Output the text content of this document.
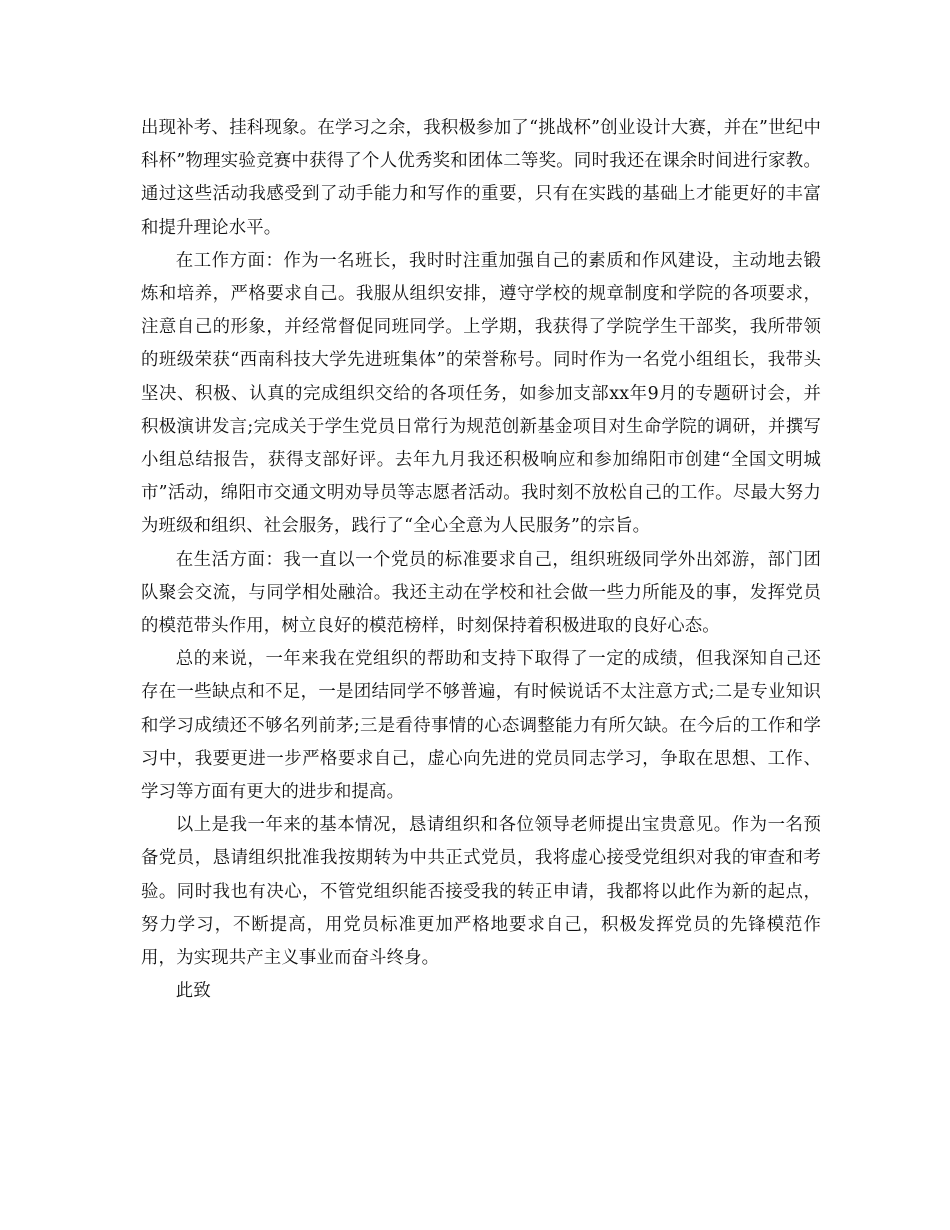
出现补考、挂科现象。在学习之余，我积极参加了“挑战杯”创业设计大赛，并在”世纪中科杯”物理实验竞赛中获得了个人优秀奖和团体二等奖。同时我还在课余时间进行家教。通过这些活动我感受到了动手能力和写作的重要，只有在实践的基础上才能更好的丰富和提升理论水平。

在工作方面：作为一名班长，我时时注重加强自己的素质和作风建设，主动地去锻炼和培养，严格要求自己。我服从组织安排，遵守学校的规章制度和学院的各项要求，注意自己的形象，并经常督促同班同学。上学期，我获得了学院学生干部奖，我所带领的班级荣获“西南科技大学先进班集体”的荣誉称号。同时作为一名党小组组长，我带头坚决、积极、认真的完成组织交给的各项任务，如参加支部xx年9月的专题研讨会，并积极演讲发言;完成关于学生党员日常行为规范创新基金项目对生命学院的调研，并撰写小组总结报告，获得支部好评。去年九月我还积极响应和参加绵阳市创建“全国文明城市”活动，绵阳市交通文明劝导员等志愿者活动。我时刻不放松自己的工作。尽最大努力为班级和组织、社会服务，践行了“全心全意为人民服务”的宗旨。

在生活方面：我一直以一个党员的标准要求自己，组织班级同学外出郊游，部门团队聚会交流，与同学相处融洽。我还主动在学校和社会做一些力所能及的事，发挥党员的模范带头作用，树立良好的模范榜样，时刻保持着积极进取的良好心态。

总的来说，一年来我在党组织的帮助和支持下取得了一定的成绩，但我深知自己还存在一些缺点和不足，一是团结同学不够普遍，有时候说话不太注意方式;二是专业知识和学习成绩还不够名列前茅;三是看待事情的心态调整能力有所欠缺。在今后的工作和学习中，我要更进一步严格要求自己，虚心向先进的党员同志学习，争取在思想、工作、学习等方面有更大的进步和提高。

以上是我一年来的基本情况，恳请组织和各位领导老师提出宝贵意见。作为一名预备党员，恳请组织批准我按期转为中共正式党员，我将虚心接受党组织对我的审查和考验。同时我也有决心，不管党组织能否接受我的转正申请，我都将以此作为新的起点，努力学习，不断提高，用党员标准更加严格地要求自己，积极发挥党员的先锋模范作用，为实现共产主义事业而奋斗终身。

此致
